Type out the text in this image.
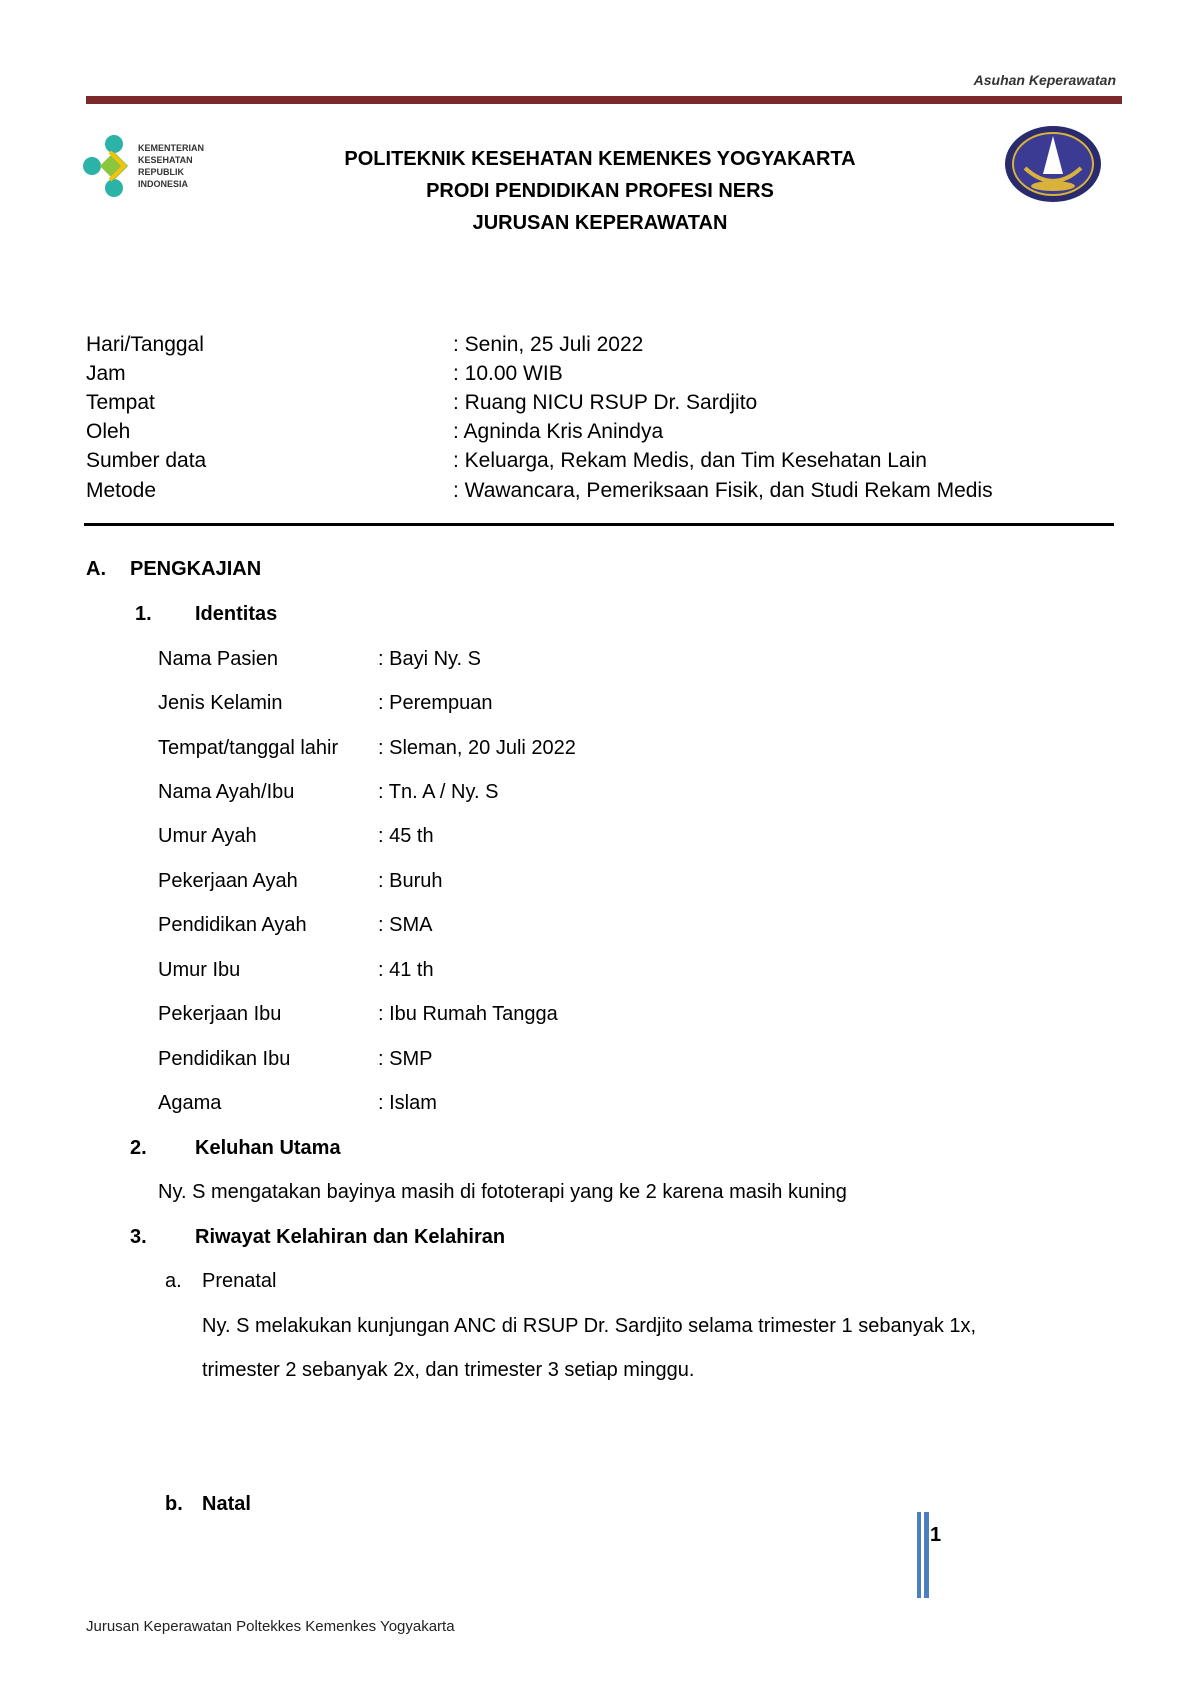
Asuhan Keperawatan
KEMENTERIAN
KESEHATAN
REPUBLIK
INDONESIA
POLITEKNIK KESEHATAN KEMENKES YOGYAKARTA
PRODI PENDIDIKAN PROFESI NERS
JURUSAN KEPERAWATAN
Hari/Tanggal	: Senin, 25 Juli 2022
Jam	: 10.00 WIB
Tempat	: Ruang NICU RSUP Dr. Sardjito
Oleh	: Agninda Kris Anindya
Sumber data	: Keluarga, Rekam Medis, dan Tim Kesehatan Lain
Metode	: Wawancara, Pemeriksaan Fisik, dan Studi Rekam Medis
A. PENGKAJIAN
1. Identitas
Nama Pasien	: Bayi Ny. S
Jenis Kelamin	: Perempuan
Tempat/tanggal lahir : Sleman, 20 Juli 2022
Nama Ayah/Ibu	: Tn. A / Ny. S
Umur Ayah	: 45 th
Pekerjaan Ayah	: Buruh
Pendidikan Ayah	: SMA
Umur Ibu	: 41 th
Pekerjaan Ibu	: Ibu Rumah Tangga
Pendidikan Ibu	: SMP
Agama	: Islam
2. Keluhan Utama
Ny. S mengatakan bayinya masih di fototerapi yang ke 2 karena masih kuning
3. Riwayat Kelahiran dan Kelahiran
a. Prenatal
Ny. S melakukan kunjungan ANC di RSUP Dr. Sardjito selama trimester 1 sebanyak 1x,
trimester 2 sebanyak 2x, dan trimester 3 setiap minggu.
b. Natal
1
Jurusan Keperawatan Poltekkes Kemenkes Yogyakarta
